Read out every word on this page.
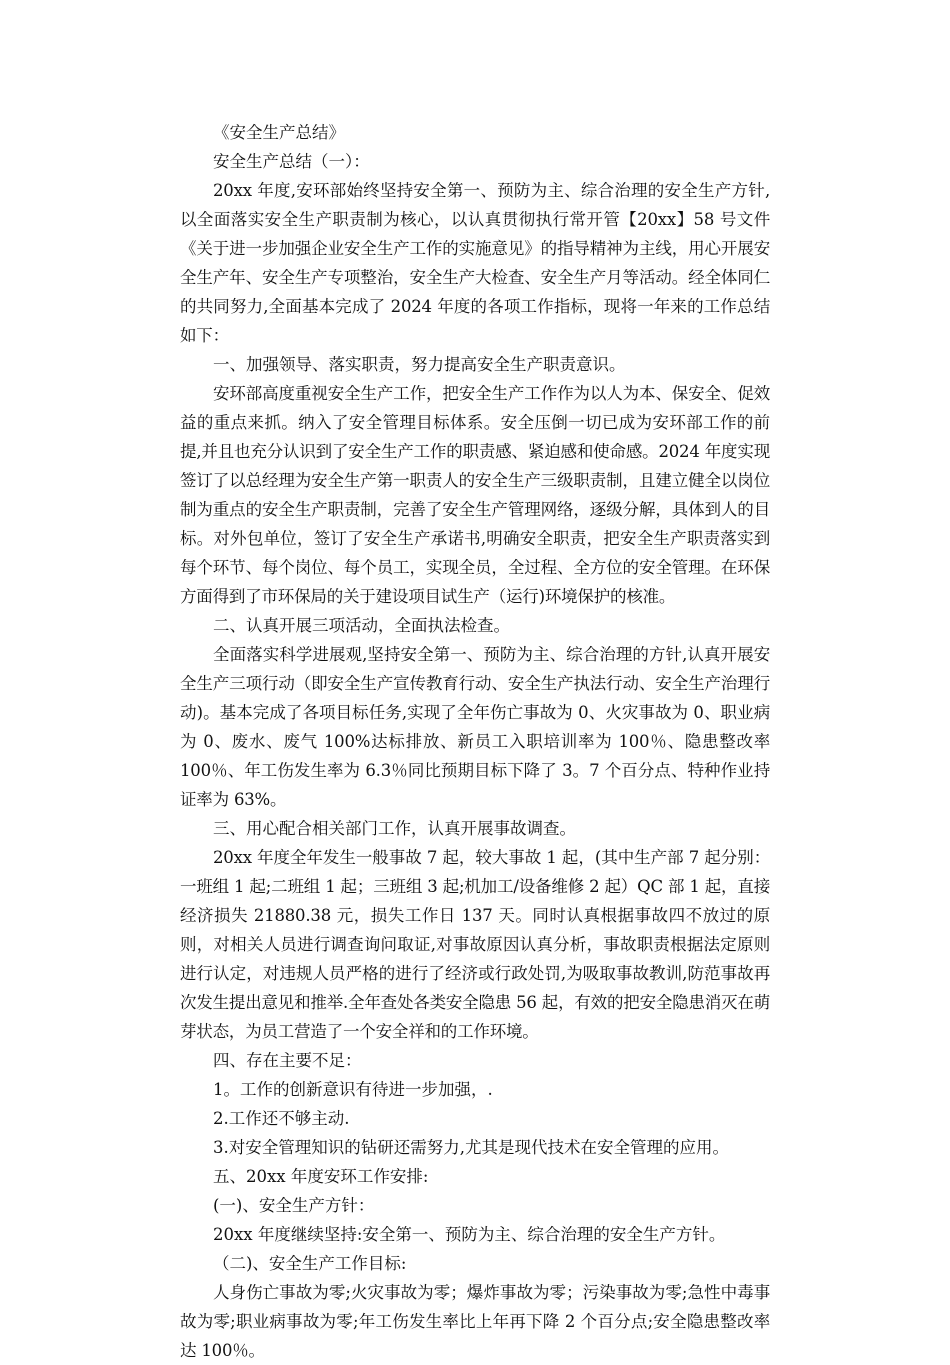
《安全生产总结》

安全生产总结（一）：

20xx 年度,安环部始终坚持安全第一、预防为主、综合治理的安全生产方针,以全面落实安全生产职责制为核心，以认真贯彻执行常开管【20xx】58 号文件《关于进一步加强企业安全生产工作的实施意见》的指导精神为主线，用心开展安全生产年、安全生产专项整治，安全生产大检查、安全生产月等活动。经全体同仁的共同努力,全面基本完成了 2024 年度的各项工作指标，现将一年来的工作总结如下：

一、加强领导、落实职责，努力提高安全生产职责意识。

安环部高度重视安全生产工作，把安全生产工作作为以人为本、保安全、促效益的重点来抓。纳入了安全管理目标体系。安全压倒一切已成为安环部工作的前提,并且也充分认识到了安全生产工作的职责感、紧迫感和使命感。2024 年度实现签订了以总经理为安全生产第一职责人的安全生产三级职责制，且建立健全以岗位制为重点的安全生产职责制，完善了安全生产管理网络，逐级分解，具体到人的目标。对外包单位，签订了安全生产承诺书,明确安全职责，把安全生产职责落实到每个环节、每个岗位、每个员工，实现全员，全过程、全方位的安全管理。在环保方面得到了市环保局的关于建设项目试生产（运行)环境保护的核准。

二、认真开展三项活动，全面执法检查。

全面落实科学进展观,坚持安全第一、预防为主、综合治理的方针,认真开展安全生产三项行动（即安全生产宣传教育行动、安全生产执法行动、安全生产治理行动)。基本完成了各项目标任务,实现了全年伤亡事故为 0、火灾事故为 0、职业病为 0、废水、废气 100%达标排放、新员工入职培训率为 100％、隐患整改率 100％、年工伤发生率为 6.3％同比预期目标下降了 3。7 个百分点、特种作业持证率为 63%。

三、用心配合相关部门工作，认真开展事故调查。

20xx 年度全年发生一般事故 7 起，较大事故 1 起，(其中生产部 7 起分别：一班组 1 起;二班组 1 起；三班组 3 起;机加工/设备维修 2 起）QC 部 1 起，直接经济损失 21880.38 元，损失工作日 137 天。同时认真根据事故四不放过的原则，对相关人员进行调查询问取证,对事故原因认真分析，事故职责根据法定原则进行认定，对违规人员严格的进行了经济或行政处罚,为吸取事故教训,防范事故再次发生提出意见和推举.全年查处各类安全隐患 56 起，有效的把安全隐患消灭在萌芽状态，为员工营造了一个安全祥和的工作环境。

四、存在主要不足：

1。工作的创新意识有待进一步加强，.

2.工作还不够主动.

3.对安全管理知识的钻研还需努力,尤其是现代技术在安全管理的应用。

五、20xx 年度安环工作安排:

(一)、安全生产方针：

20xx 年度继续坚持:安全第一、预防为主、综合治理的安全生产方针。

（二)、安全生产工作目标:

人身伤亡事故为零;火灾事故为零；爆炸事故为零；污染事故为零;急性中毒事故为零;职业病事故为零;年工伤发生率比上年再下降 2 个百分点;安全隐患整改率达 100％。
